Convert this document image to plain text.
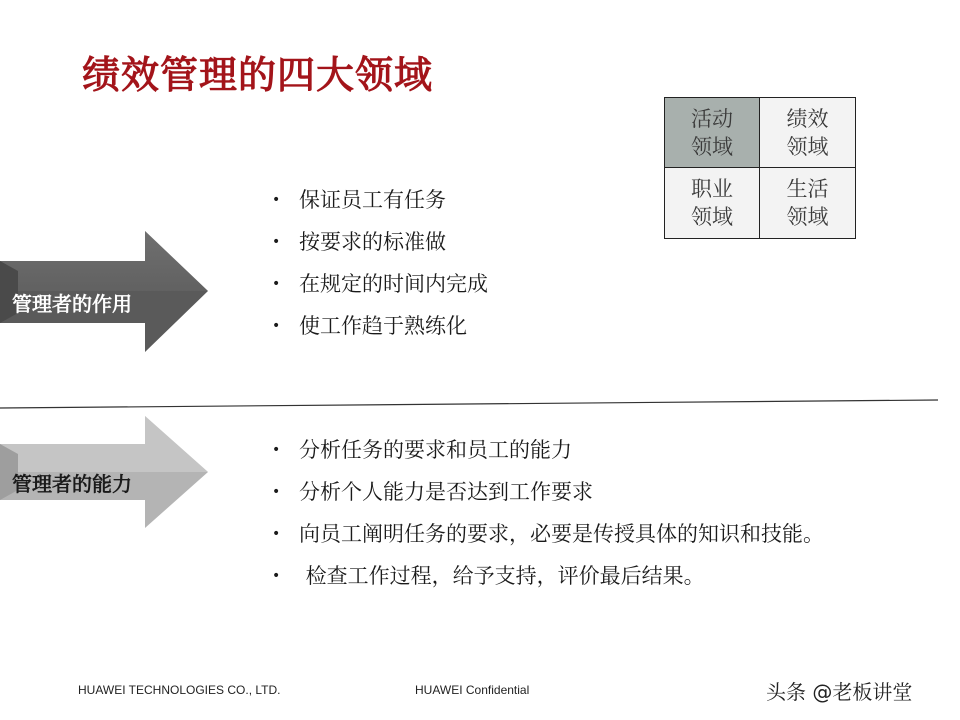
绩效管理的四大领域
活动
领域
绩效
领域
职业
领域
生活
领域
管理者的作用
• 保证员工有任务
• 按要求的标准做
• 在规定的时间内完成
• 使工作趋于熟练化
管理者的能力
• 分析任务的要求和员工的能力
• 分析个人能力是否达到工作要求
• 向员工阐明任务的要求，必要是传授具体的知识和技能。
• 检查工作过程，给予支持，评价最后结果。
HUAWEI TECHNOLOGIES CO., LTD.	HUAWEI Confidential	头条 @老板讲堂
